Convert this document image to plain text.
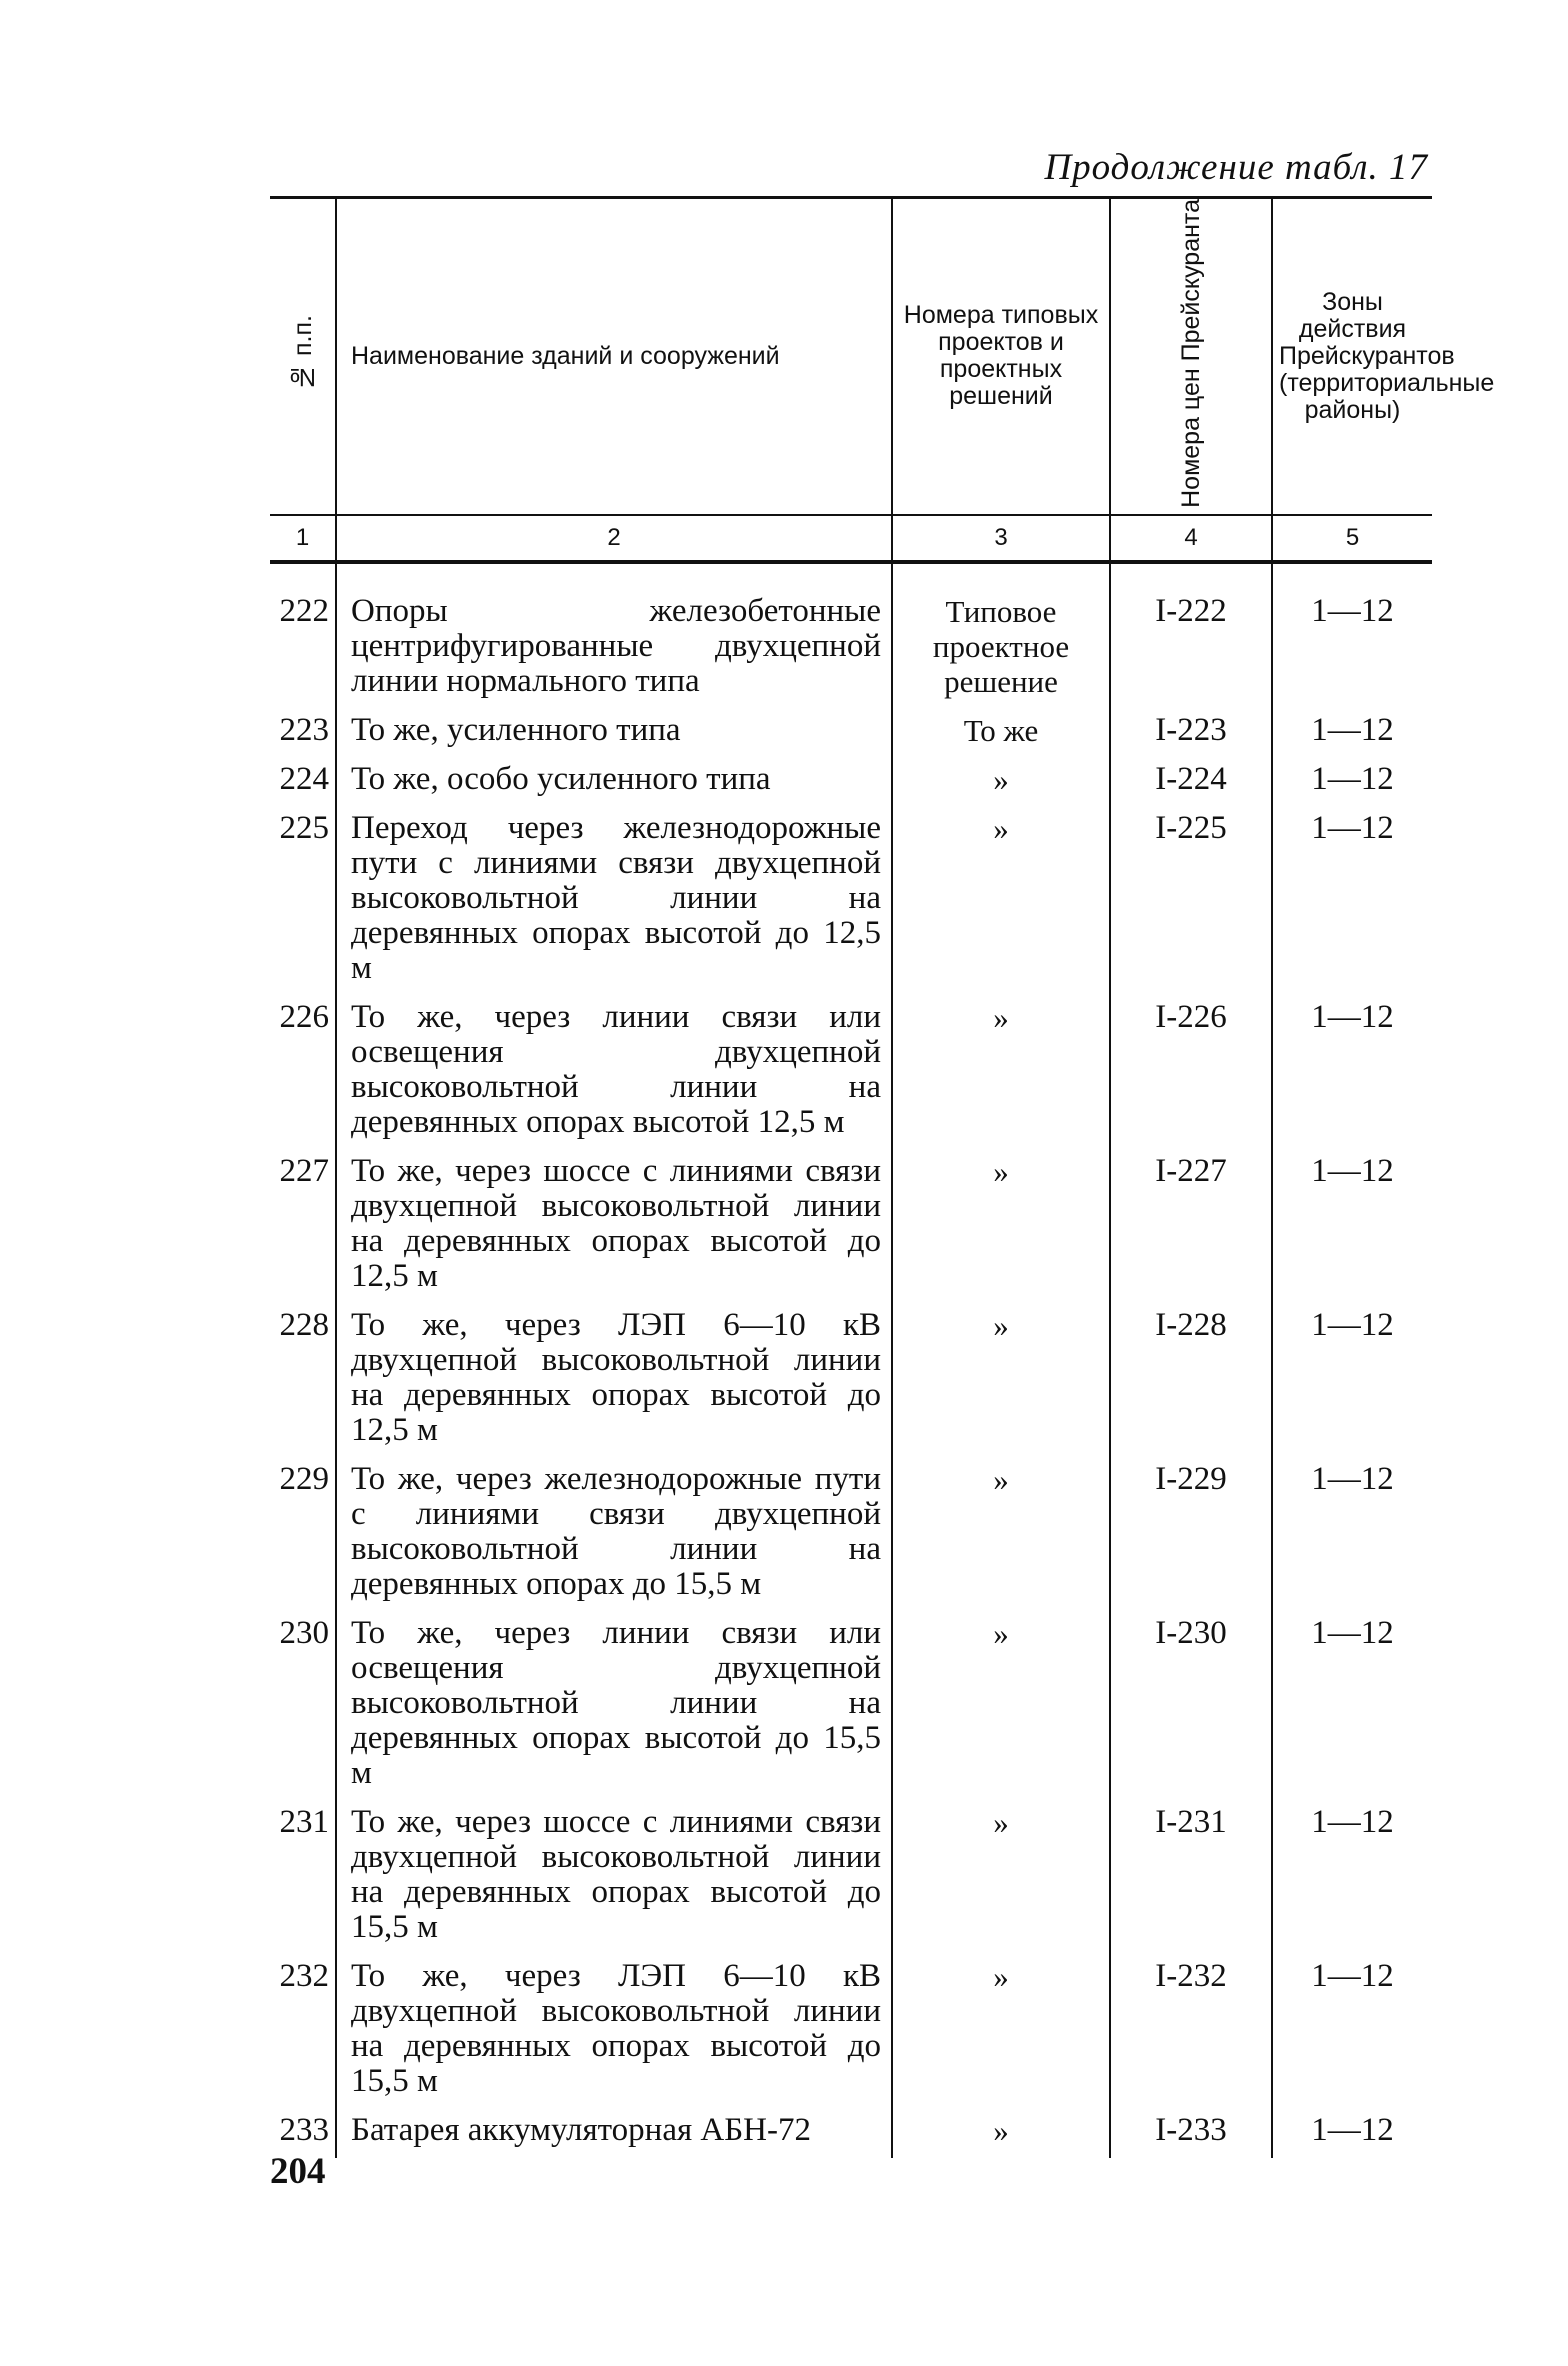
Продолжение табл. 17
№ п.п.	Наименование зданий и сооружений	Номера типовых проектов и проектных решений	Номера цен Прейскуранта	Зоны действия Прейскурантов (территориальные районы)
1	2	3	4	5
222	Опоры железобетонные центрифугированные двухцепной линии нормального типа	Типовое проектное решение	I-222	1—12
223	То же, усиленного типа	То же	I-223	1—12
224	То же, особо усиленного типа	»	I-224	1—12
225	Переход через железнодорожные пути с линиями связи двухцепной высоковольтной линии на деревянных опорах высотой до 12,5 м	»	I-225	1—12
226	То же, через линии связи или освещения двухцепной высоковольтной линии на деревянных опорах высотой 12,5 м	»	I-226	1—12
227	То же, через шоссе с линиями связи двухцепной высоковольтной линии на деревянных опорах высотой до 12,5 м	»	I-227	1—12
228	То же, через ЛЭП 6—10 кВ двухцепной высоковольтной линии на деревянных опорах высотой до 12,5 м	»	I-228	1—12
229	То же, через железнодорожные пути с линиями связи двухцепной высоковольтной линии на деревянных опорах до 15,5 м	»	I-229	1—12
230	То же, через линии связи или освещения двухцепной высоковольтной линии на деревянных опорах высотой до 15,5 м	»	I-230	1—12
231	То же, через шоссе с линиями связи двухцепной высоковольтной линии на деревянных опорах высотой до 15,5 м	»	I-231	1—12
232	То же, через ЛЭП 6—10 кВ двухцепной высоковольтной линии на деревянных опорах высотой до 15,5 м	»	I-232	1—12
233	Батарея аккумуляторная АБН-72	»	I-233	1—12
204
